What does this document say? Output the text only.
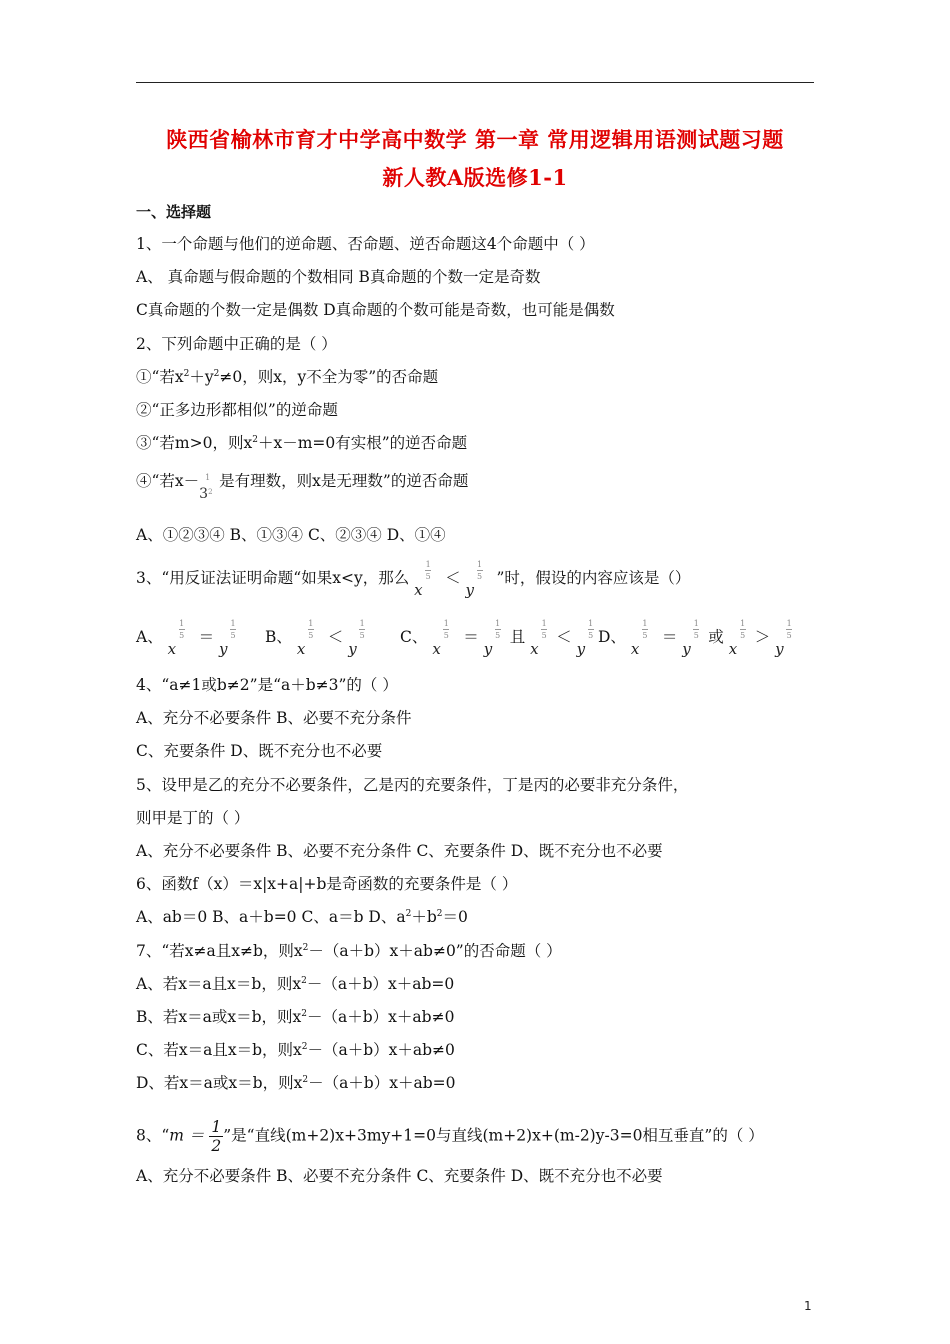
陕西省榆林市育才中学高中数学 第一章 常用逻辑用语测试题习题
新人教A版选修1-1
一、选择题
1、一个命题与他们的逆命题、否命题、逆否命题这4个命题中（ ）
A、 真命题与假命题的个数相同 B真命题的个数一定是奇数
C真命题的个数一定是偶数 D真命题的个数可能是奇数，也可能是偶数
2、下列命题中正确的是（ ）
①“若$x^2+y^2\ne 0$，则x，y不全为零”的否命题
②“正多边形都相似”的逆命题
③“若m>0，则$x^2+x-m=0$有实根”的逆否命题
④“若x－ 1
3 2
是有理数，则x是无理数”的逆否命题
A、①②③④ B、①③④ C、②③④ D、①④
3、“用反证法证明命题“如果x<y，那么
x
1
5 ＜
y
1
5 ”时，假设的内容应该是（）
A、
x
1
5 ＝
y
1
5 B、
x
1
5 ＜
y
1
5 C、
x
1
5 ＝
y
1
5 且
x
1
5 ＜
y
1
5 D、
x
1
5 ＝
y
1
5 或
x
1
5 ＞
y
1
5
4、“a≠1或b≠2”是“a＋b≠3”的（ ）
A、充分不必要条件 B、必要不充分条件
C、充要条件 D、既不充分也不必要
5、设甲是乙的充分不必要条件，乙是丙的充要条件，丁是丙的必要非充分条件，
则甲是丁的（ ）
A、充分不必要条件 B、必要不充分条件 C、充要条件 D、既不充分也不必要
6、函数f（x）＝x|x+a|+b是奇函数的充要条件是（ ）
A、ab＝0 B、a＋b=0 C、a＝b D、$a^2+b^2=0$
7、“若x≠a且x≠b，则$x^2-(a+b)x+ab\ne 0$”的否命题（ ）
A、若x＝a且x＝b，则$x^2-(a+b)x+ab=0$
B、若x＝a或x＝b，则$x^2-(a+b)x+ab\ne 0$
C、若x＝a且x＝b，则$x^2-(a+b)x+ab\ne 0$
D、若x＝a或x＝b，则$x^2-(a+b)x+ab=0$
8、“$m = \frac{1}{2}$ ”是“直线(m+2)x+3my+1=0与直线(m+2)x+(m-2)y-3=0相互垂直”的（ ）
A、充分不必要条件 B、必要不充分条件 C、充要条件 D、既不充分也不必要
1
